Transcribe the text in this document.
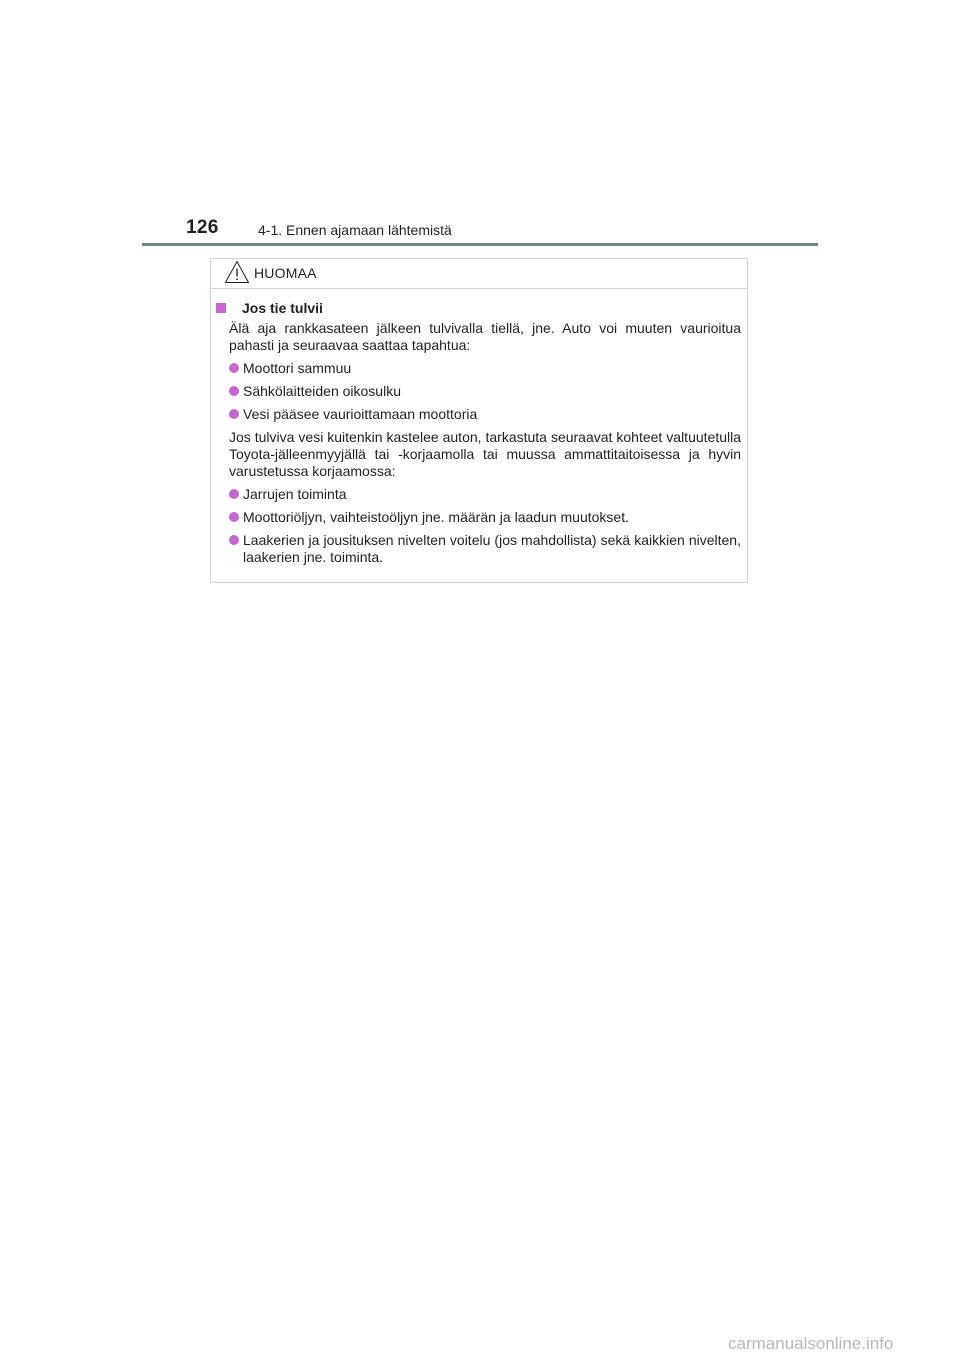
126	4-1. Ennen ajamaan lähtemistä
HUOMAA
Jos tie tulvii
Älä aja rankkasateen jälkeen tulvivalla tiellä, jne. Auto voi muuten vaurioitua pahasti ja seuraavaa saattaa tapahtua:
Moottori sammuu
Sähkölaitteiden oikosulku
Vesi pääsee vaurioittamaan moottoria
Jos tulviva vesi kuitenkin kastelee auton, tarkastuta seuraavat kohteet valtuutetulla Toyota-jälleenmyyjällä tai -korjaamolla tai muussa ammattitaitoisessa ja hyvin varustetussa korjaamossa:
Jarrujen toiminta
Moottoriöljyn, vaihteistoöljyn jne. määrän ja laadun muutokset.
Laakerien ja jousituksen nivelten voitelu (jos mahdollista) sekä kaikkien nivelten, laakerien jne. toiminta.
carmanualsonline.info
